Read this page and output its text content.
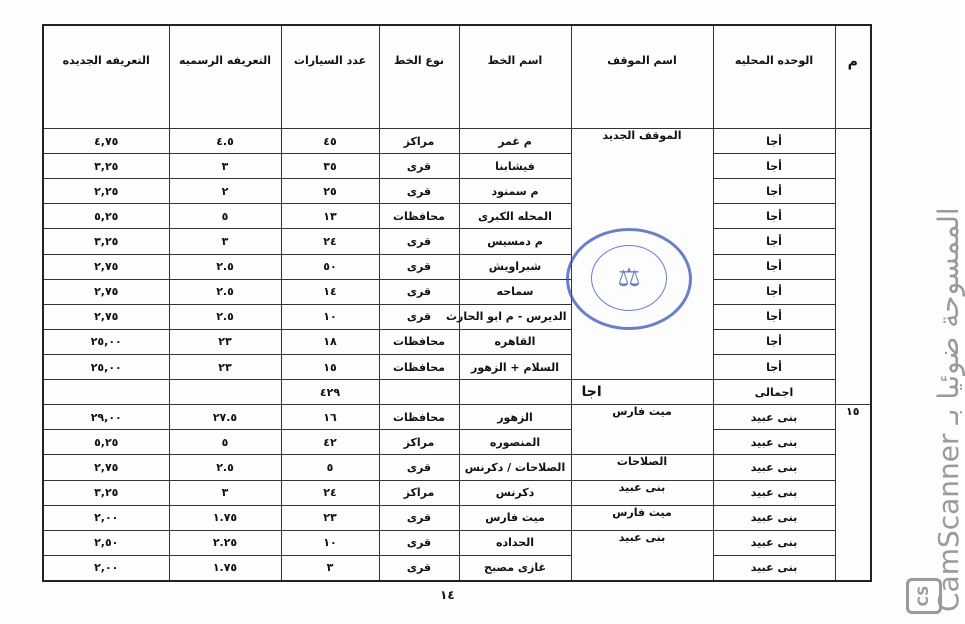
م	الوحده المحليه	اسم الموقف	اسم الخط	نوع الخط	عدد السيارات	التعريفه الرسميه	التعريفه الجديده
	أجا	الموقف الجديد	م غمر	مراكز	٤٥	٤.٥	٤,٧٥
	أجا		فيشابنا	قرى	٣٥	٣	٣,٢٥
	أجا		م سمنود	قرى	٢٥	٢	٢,٢٥
	أجا		المحله الكبرى	محافظات	١٣	٥	٥,٢٥
	أجا		م دمسيس	قرى	٢٤	٣	٣,٢٥
	أجا		شبراويش	قرى	٥٠	٢.٥	٢,٧٥
	أجا		سماحه	قرى	١٤	٢.٥	٢,٧٥
	أجا		الديرس - م ابو الحارث	قرى	١٠	٢.٥	٢,٧٥
	أجا		القاهره	محافظات	١٨	٢٣	٢٥,٠٠
	أجا		السلام + الزهور	محافظات	١٥	٢٣	٢٥,٠٠
	اجمالى	اجا			٤٢٩		
١٥	بنى عبيد	ميت فارس	الزهور	محافظات	١٦	٢٧.٥	٢٩,٠٠
	بنى عبيد		المنصوره	مراكز	٤٢	٥	٥,٢٥
	بنى عبيد	الصلاحات	الصلاحات / دكرنس	قرى	٥	٢.٥	٢,٧٥
	بنى عبيد	بنى عبيد	دكرنس	مراكز	٢٤	٣	٣,٢٥
	بنى عبيد	ميت فارس	ميت فارس	قرى	٢٣	١.٧٥	٢,٠٠
	بنى عبيد	بنى عبيد	الحداده	قرى	١٠	٢.٢٥	٢,٥٠
	بنى عبيد		غازى مصبح	قرى	٣	١.٧٥	٢,٠٠
⚖
١٤	CamScanner الممسوحة ضوئيا بـ
CS
